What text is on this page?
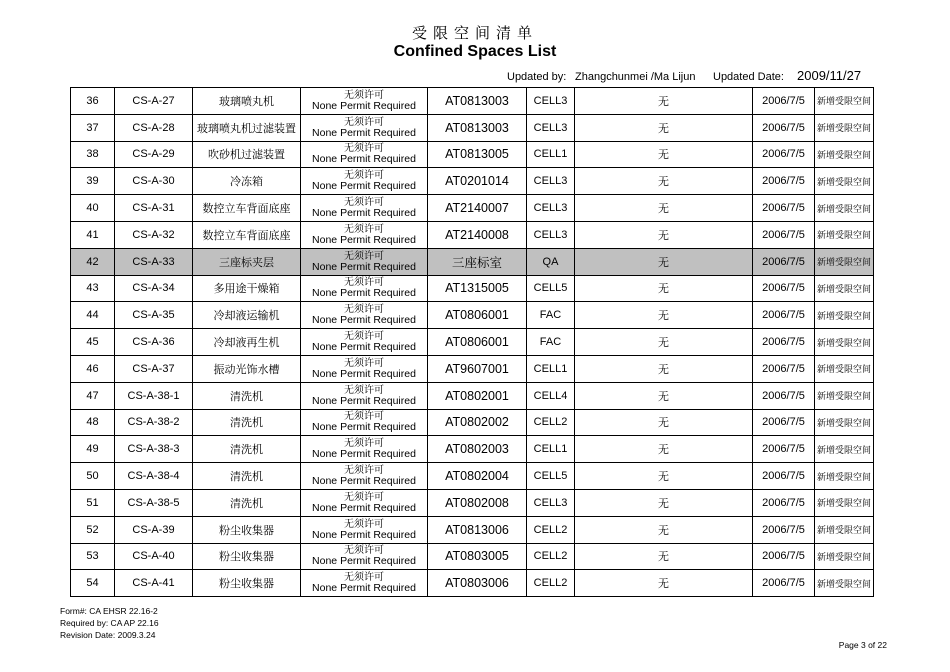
受限空间清单
Confined Spaces List
Updated by: Zhangchunmei /Ma Lijun Updated Date: 2009/11/27
36	CS-A-27	玻璃喷丸机	无须许可
None Permit Required	AT0813003	CELL3	无	2006/7/5	新增受限空间
37	CS-A-28	玻璃喷丸机过滤装置	无须许可
None Permit Required	AT0813003	CELL3	无	2006/7/5	新增受限空间
38	CS-A-29	吹砂机过滤装置	无须许可
None Permit Required	AT0813005	CELL1	无	2006/7/5	新增受限空间
39	CS-A-30	冷冻箱	无须许可
None Permit Required	AT0201014	CELL3	无	2006/7/5	新增受限空间
40	CS-A-31	数控立车背面底座	无须许可
None Permit Required	AT2140007	CELL3	无	2006/7/5	新增受限空间
41	CS-A-32	数控立车背面底座	无须许可
None Permit Required	AT2140008	CELL3	无	2006/7/5	新增受限空间
42	CS-A-33	三座标夹层	无须许可
None Permit Required	三座标室	QA	无	2006/7/5	新增受限空间
43	CS-A-34	多用途干燥箱	无须许可
None Permit Required	AT1315005	CELL5	无	2006/7/5	新增受限空间
44	CS-A-35	冷却液运输机	无须许可
None Permit Required	AT0806001	FAC	无	2006/7/5	新增受限空间
45	CS-A-36	冷却液再生机	无须许可
None Permit Required	AT0806001	FAC	无	2006/7/5	新增受限空间
46	CS-A-37	振动光饰水槽	无须许可
None Permit Required	AT9607001	CELL1	无	2006/7/5	新增受限空间
47	CS-A-38-1	清洗机	无须许可
None Permit Required	AT0802001	CELL4	无	2006/7/5	新增受限空间
48	CS-A-38-2	清洗机	无须许可
None Permit Required	AT0802002	CELL2	无	2006/7/5	新增受限空间
49	CS-A-38-3	清洗机	无须许可
None Permit Required	AT0802003	CELL1	无	2006/7/5	新增受限空间
50	CS-A-38-4	清洗机	无须许可
None Permit Required	AT0802004	CELL5	无	2006/7/5	新增受限空间
51	CS-A-38-5	清洗机	无须许可
None Permit Required	AT0802008	CELL3	无	2006/7/5	新增受限空间
52	CS-A-39	粉尘收集器	无须许可
None Permit Required	AT0813006	CELL2	无	2006/7/5	新增受限空间
53	CS-A-40	粉尘收集器	无须许可
None Permit Required	AT0803005	CELL2	无	2006/7/5	新增受限空间
54	CS-A-41	粉尘收集器	无须许可
None Permit Required	AT0803006	CELL2	无	2006/7/5	新增受限空间
Form#: CA EHSR 22.16-2
Required by: CA AP 22.16
Revision Date: 2009.3.24
Page 3 of 22
